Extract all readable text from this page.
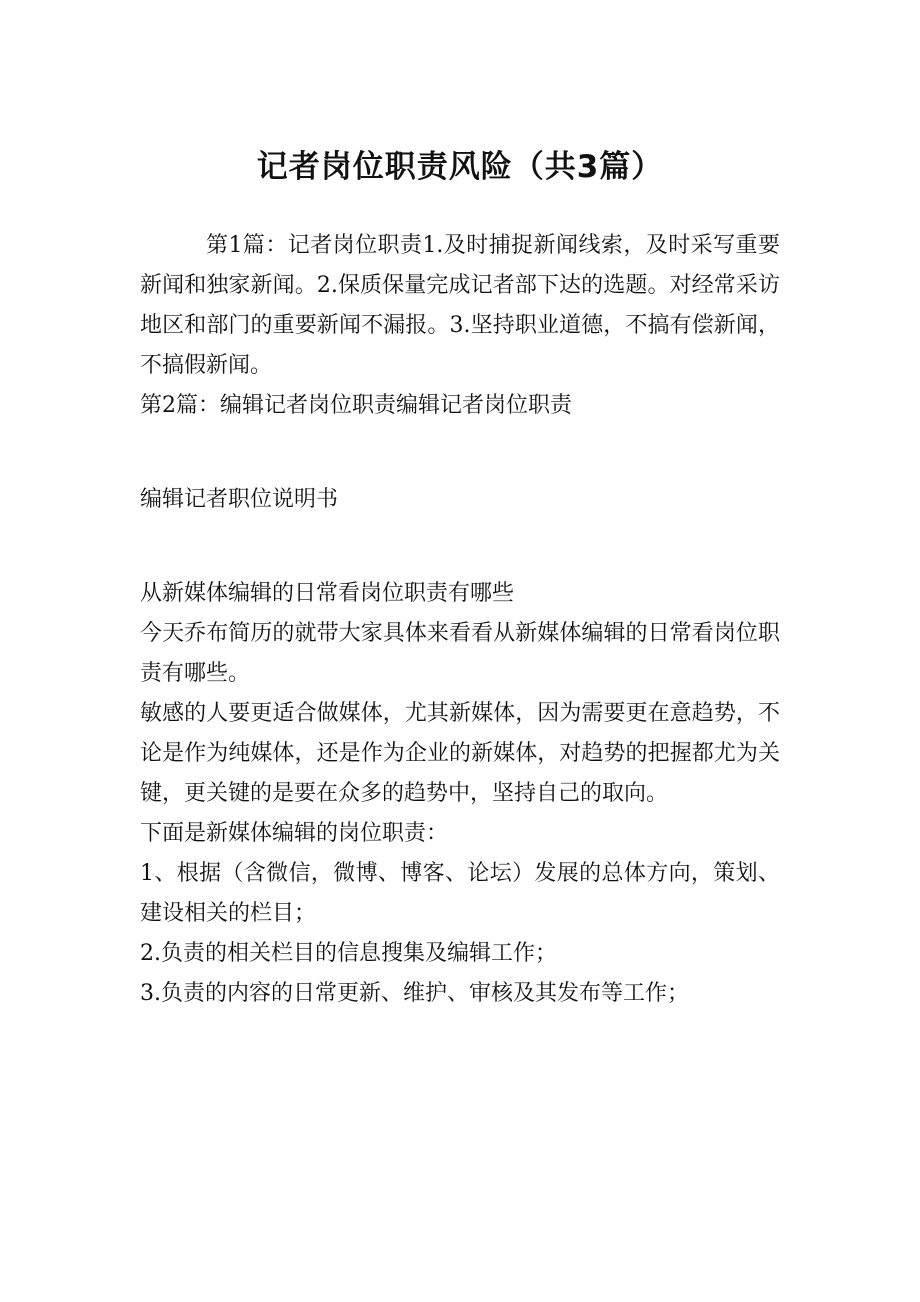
记者岗位职责风险（共3篇）

第1篇：记者岗位职责1.及时捕捉新闻线索，及时采写重要新闻和独家新闻。2.保质保量完成记者部下达的选题。对经常采访地区和部门的重要新闻不漏报。3.坚持职业道德，不搞有偿新闻，不搞假新闻。

第2篇：编辑记者岗位职责编辑记者岗位职责

编辑记者职位说明书

从新媒体编辑的日常看岗位职责有哪些

今天乔布简历的就带大家具体来看看从新媒体编辑的日常看岗位职责有哪些。

敏感的人要更适合做媒体，尤其新媒体，因为需要更在意趋势，不论是作为纯媒体，还是作为企业的新媒体，对趋势的把握都尤为关键，更关键的是要在众多的趋势中，坚持自己的取向。

下面是新媒体编辑的岗位职责：

1、根据（含微信，微博、博客、论坛）发展的总体方向，策划、建设相关的栏目；

2.负责的相关栏目的信息搜集及编辑工作；

3.负责的内容的日常更新、维护、审核及其发布等工作；
